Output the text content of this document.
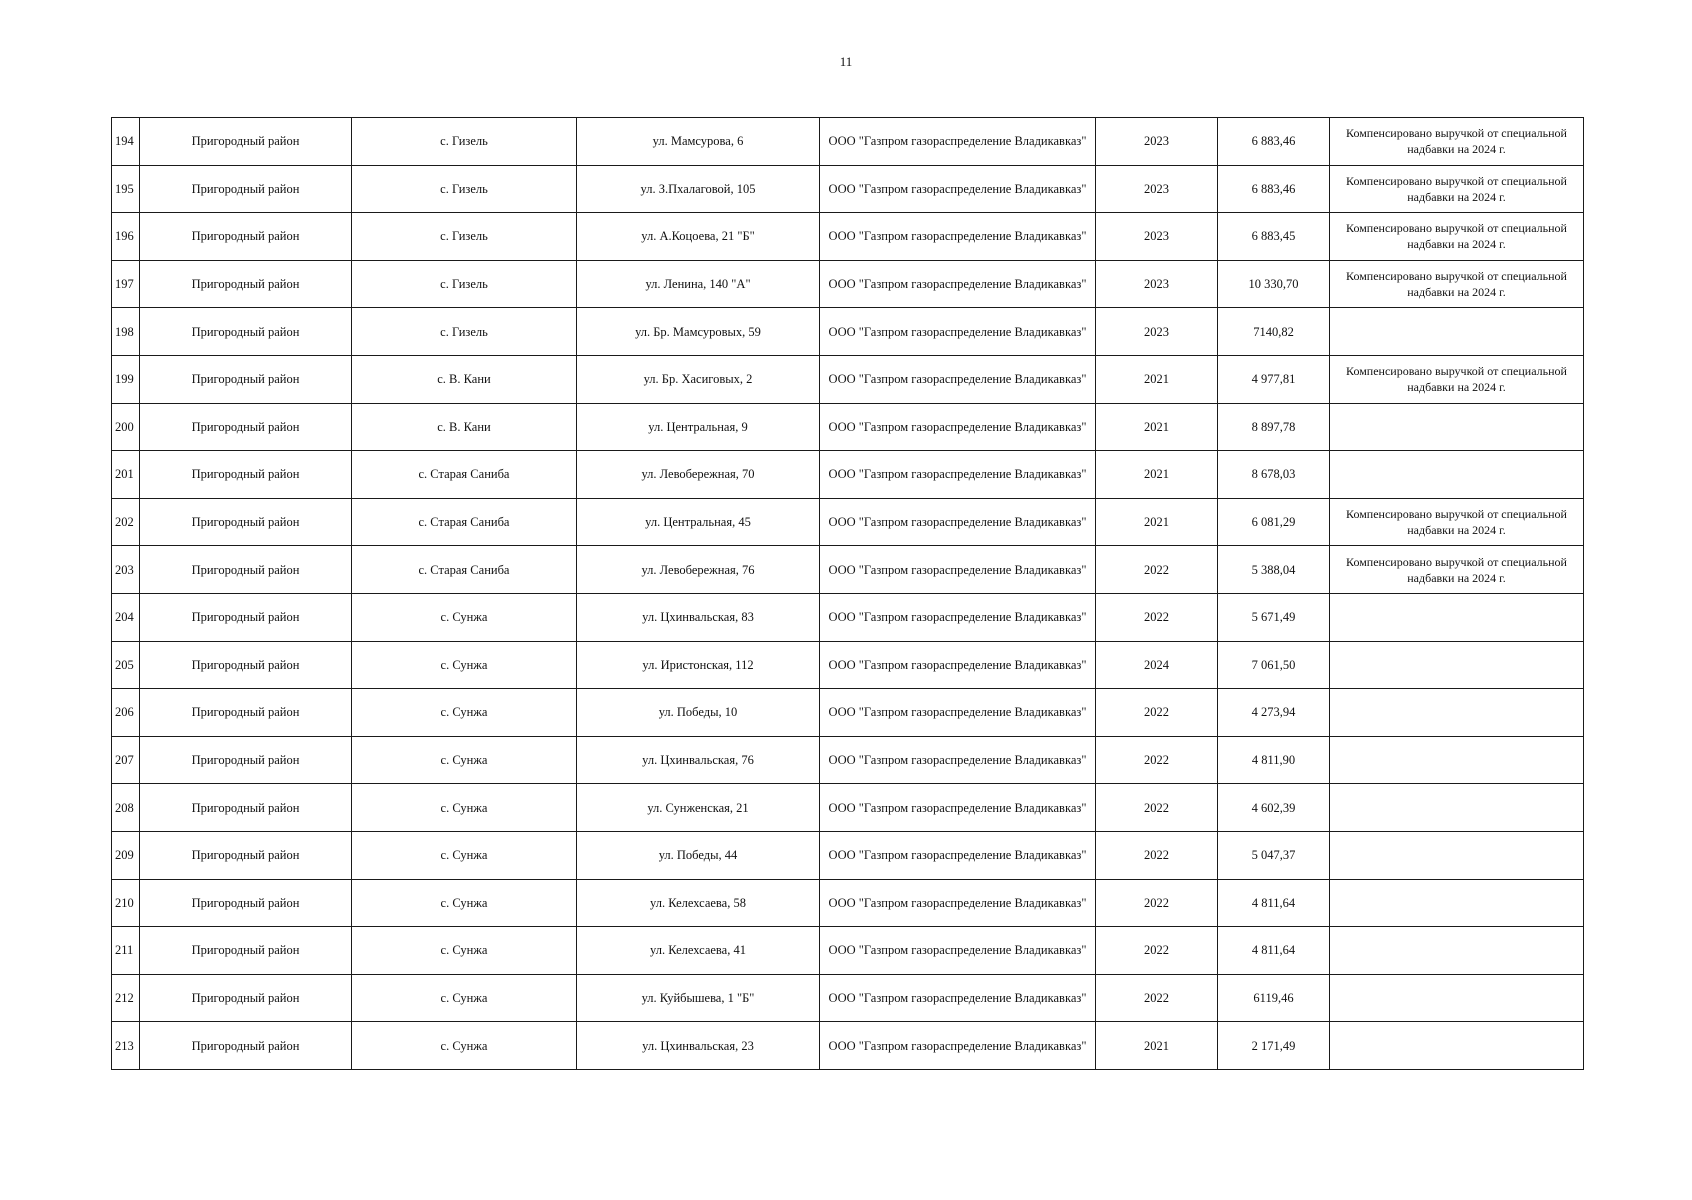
11
194	Пригородный район	с. Гизель	ул. Мамсурова, 6	ООО "Газпром газораспределение Владикавказ"	2023	6 883,46	Компенсировано выручкой от специальной надбавки на 2024 г.
195	Пригородный район	с. Гизель	ул. З.Пхалаговой, 105	ООО "Газпром газораспределение Владикавказ"	2023	6 883,46	Компенсировано выручкой от специальной надбавки на 2024 г.
196	Пригородный район	с. Гизель	ул. А.Коцоева, 21 "Б"	ООО "Газпром газораспределение Владикавказ"	2023	6 883,45	Компенсировано выручкой от специальной надбавки на 2024 г.
197	Пригородный район	с. Гизель	ул. Ленина, 140 "А"	ООО "Газпром газораспределение Владикавказ"	2023	10 330,70	Компенсировано выручкой от специальной надбавки на 2024 г.
198	Пригородный район	с. Гизель	ул. Бр. Мамсуровых, 59	ООО "Газпром газораспределение Владикавказ"	2023	7140,82	
199	Пригородный район	с. В. Кани	ул. Бр. Хасиговых, 2	ООО "Газпром газораспределение Владикавказ"	2021	4 977,81	Компенсировано выручкой от специальной надбавки на 2024 г.
200	Пригородный район	с. В. Кани	ул. Центральная, 9	ООО "Газпром газораспределение Владикавказ"	2021	8 897,78	
201	Пригородный район	с. Старая Саниба	ул. Левобережная, 70	ООО "Газпром газораспределение Владикавказ"	2021	8 678,03	
202	Пригородный район	с. Старая Саниба	ул. Центральная, 45	ООО "Газпром газораспределение Владикавказ"	2021	6 081,29	Компенсировано выручкой от специальной надбавки на 2024 г.
203	Пригородный район	с. Старая Саниба	ул. Левобережная, 76	ООО "Газпром газораспределение Владикавказ"	2022	5 388,04	Компенсировано выручкой от специальной надбавки на 2024 г.
204	Пригородный район	с. Сунжа	ул. Цхинвальская, 83	ООО "Газпром газораспределение Владикавказ"	2022	5 671,49	
205	Пригородный район	с. Сунжа	ул. Иристонская, 112	ООО "Газпром газораспределение Владикавказ"	2024	7 061,50	
206	Пригородный район	с. Сунжа	ул. Победы, 10	ООО "Газпром газораспределение Владикавказ"	2022	4 273,94	
207	Пригородный район	с. Сунжа	ул. Цхинвальская, 76	ООО "Газпром газораспределение Владикавказ"	2022	4 811,90	
208	Пригородный район	с. Сунжа	ул. Сунженская, 21	ООО "Газпром газораспределение Владикавказ"	2022	4 602,39	
209	Пригородный район	с. Сунжа	ул. Победы, 44	ООО "Газпром газораспределение Владикавказ"	2022	5 047,37	
210	Пригородный район	с. Сунжа	ул. Келехсаева, 58	ООО "Газпром газораспределение Владикавказ"	2022	4 811,64	
211	Пригородный район	с. Сунжа	ул. Келехсаева, 41	ООО "Газпром газораспределение Владикавказ"	2022	4 811,64	
212	Пригородный район	с. Сунжа	ул. Куйбышева, 1 "Б"	ООО "Газпром газораспределение Владикавказ"	2022	6119,46	
213	Пригородный район	с. Сунжа	ул. Цхинвальская, 23	ООО "Газпром газораспределение Владикавказ"	2021	2 171,49	
